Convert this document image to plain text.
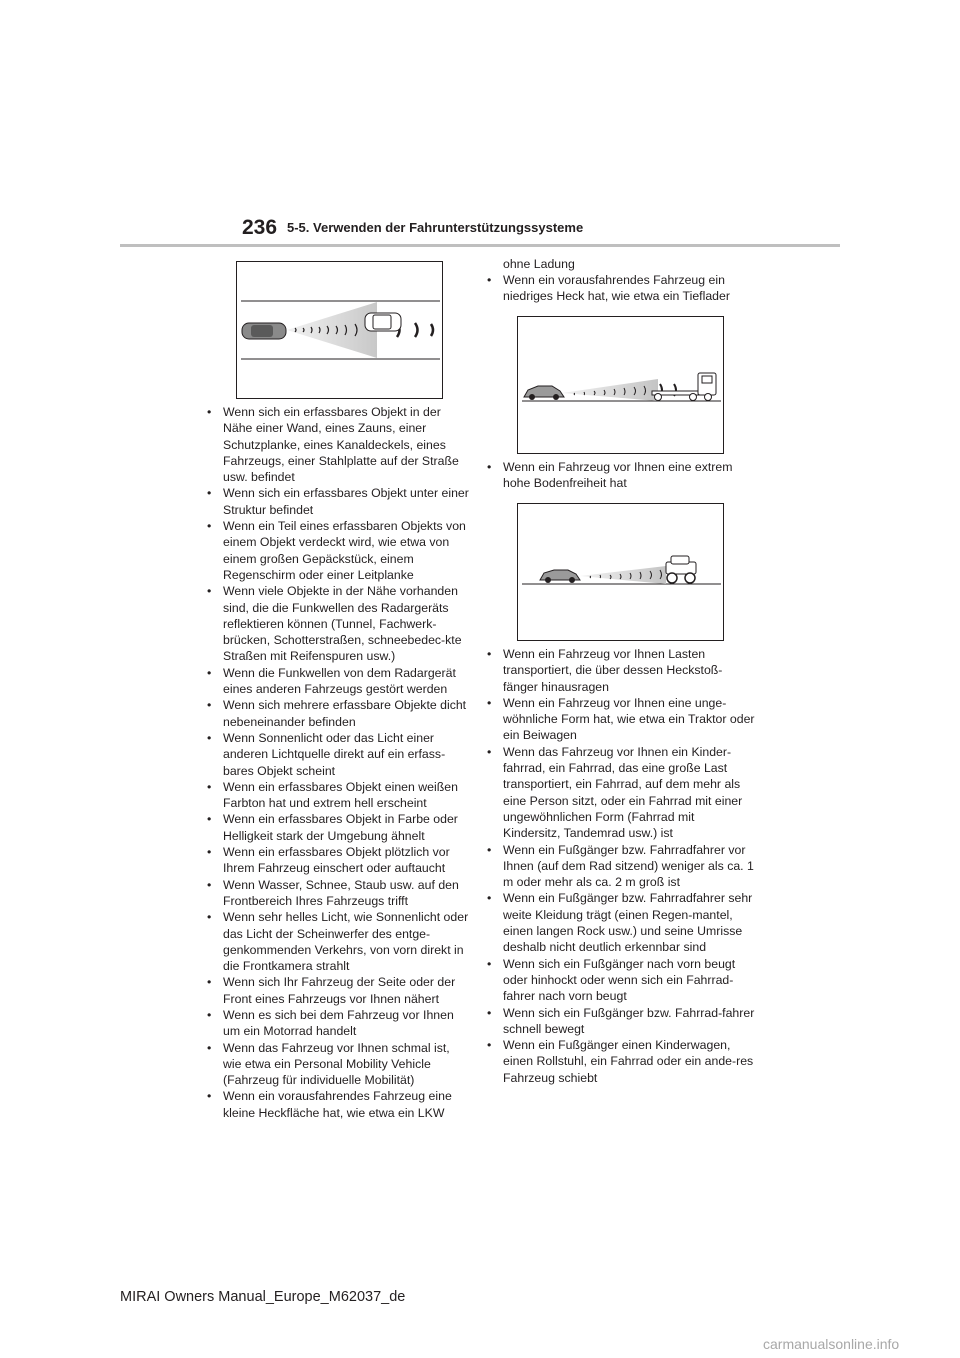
236 5-5. Verwenden der Fahrunterstützungssysteme
• Wenn sich ein erfassbares Objekt in der Nähe einer Wand, eines Zauns, einer Schutzplanke, eines Kanaldeckels, eines Fahrzeugs, einer Stahlplatte auf der Straße usw. befindet
• Wenn sich ein erfassbares Objekt unter einer Struktur befindet
• Wenn ein Teil eines erfassbaren Objekts von einem Objekt verdeckt wird, wie etwa von einem großen Gepäckstück, einem Regenschirm oder einer Leitplanke
• Wenn viele Objekte in der Nähe vorhanden sind, die die Funkwellen des Radargeräts reflektieren können (Tunnel, Fachwerk-brücken, Schotterstraßen, schneebedec-kte Straßen mit Reifenspuren usw.)
• Wenn die Funkwellen von dem Radargerät eines anderen Fahrzeugs gestört werden
• Wenn sich mehrere erfassbare Objekte dicht nebeneinander befinden
• Wenn Sonnenlicht oder das Licht einer anderen Lichtquelle direkt auf ein erfass-bares Objekt scheint
• Wenn ein erfassbares Objekt einen weißen Farbton hat und extrem hell erscheint
• Wenn ein erfassbares Objekt in Farbe oder Helligkeit stark der Umgebung ähnelt
• Wenn ein erfassbares Objekt plötzlich vor Ihrem Fahrzeug einschert oder auftaucht
• Wenn Wasser, Schnee, Staub usw. auf den Frontbereich Ihres Fahrzeugs trifft
• Wenn sehr helles Licht, wie Sonnenlicht oder das Licht der Scheinwerfer des entge-genkommenden Verkehrs, von vorn direkt in die Frontkamera strahlt
• Wenn sich Ihr Fahrzeug der Seite oder der Front eines Fahrzeugs vor Ihnen nähert
• Wenn es sich bei dem Fahrzeug vor Ihnen um ein Motorrad handelt
• Wenn das Fahrzeug vor Ihnen schmal ist, wie etwa ein Personal Mobility Vehicle (Fahrzeug für individuelle Mobilität)
• Wenn ein vorausfahrendes Fahrzeug eine kleine Heckfläche hat, wie etwa ein LKW
ohne Ladung
• Wenn ein vorausfahrendes Fahrzeug ein niedriges Heck hat, wie etwa ein Tieflader
• Wenn ein Fahrzeug vor Ihnen eine extrem hohe Bodenfreiheit hat
• Wenn ein Fahrzeug vor Ihnen Lasten transportiert, die über dessen Heckstoß-fänger hinausragen
• Wenn ein Fahrzeug vor Ihnen eine unge-wöhnliche Form hat, wie etwa ein Traktor oder ein Beiwagen
• Wenn das Fahrzeug vor Ihnen ein Kinder-fahrrad, ein Fahrrad, das eine große Last transportiert, ein Fahrrad, auf dem mehr als eine Person sitzt, oder ein Fahrrad mit einer ungewöhnlichen Form (Fahrrad mit Kindersitz, Tandemrad usw.) ist
• Wenn ein Fußgänger bzw. Fahrradfahrer vor Ihnen (auf dem Rad sitzend) weniger als ca. 1 m oder mehr als ca. 2 m groß ist
• Wenn ein Fußgänger bzw. Fahrradfahrer sehr weite Kleidung trägt (einen Regen-mantel, einen langen Rock usw.) und seine Umrisse deshalb nicht deutlich erkennbar sind
• Wenn sich ein Fußgänger nach vorn beugt oder hinhockt oder wenn sich ein Fahrrad-fahrer nach vorn beugt
• Wenn sich ein Fußgänger bzw. Fahrrad-fahrer schnell bewegt
• Wenn ein Fußgänger einen Kinderwagen, einen Rollstuhl, ein Fahrrad oder ein ande-res Fahrzeug schiebt
MIRAI Owners Manual_Europe_M62037_de
carmanualsonline.info
